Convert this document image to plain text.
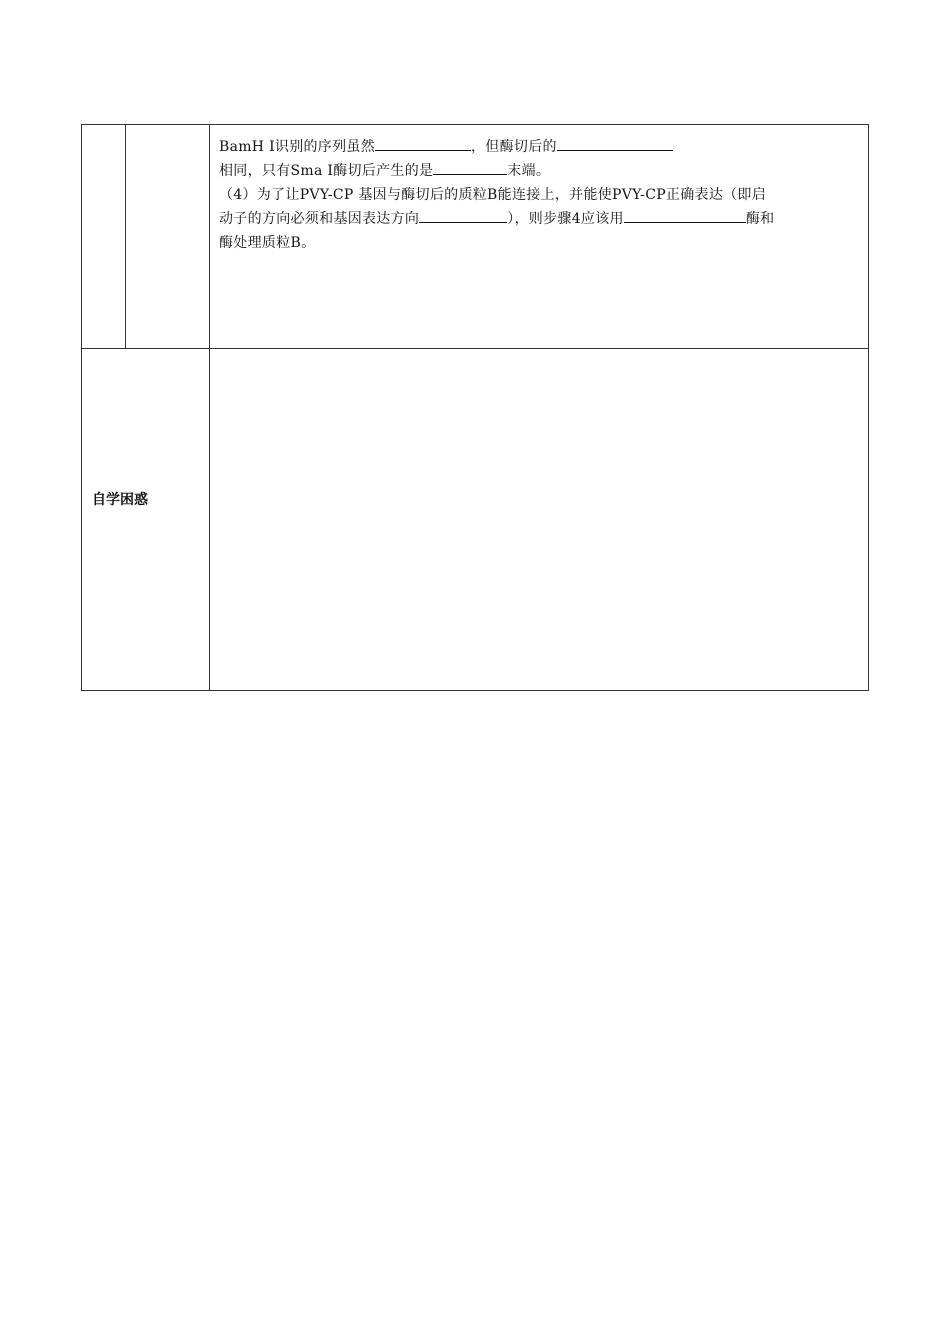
BamH Ⅰ识别的序列虽然	，但酶切后的
相同，只有Sma Ⅰ酶切后产生的是	末端。
（4）为了让PVY-CP 基因与酶切后的质粒B能连接上，并能使PVY-CP正确表达（即启
动子的方向必须和基因表达方向	），则步骤4应该用	酶和
酶处理质粒B。
自学困惑
